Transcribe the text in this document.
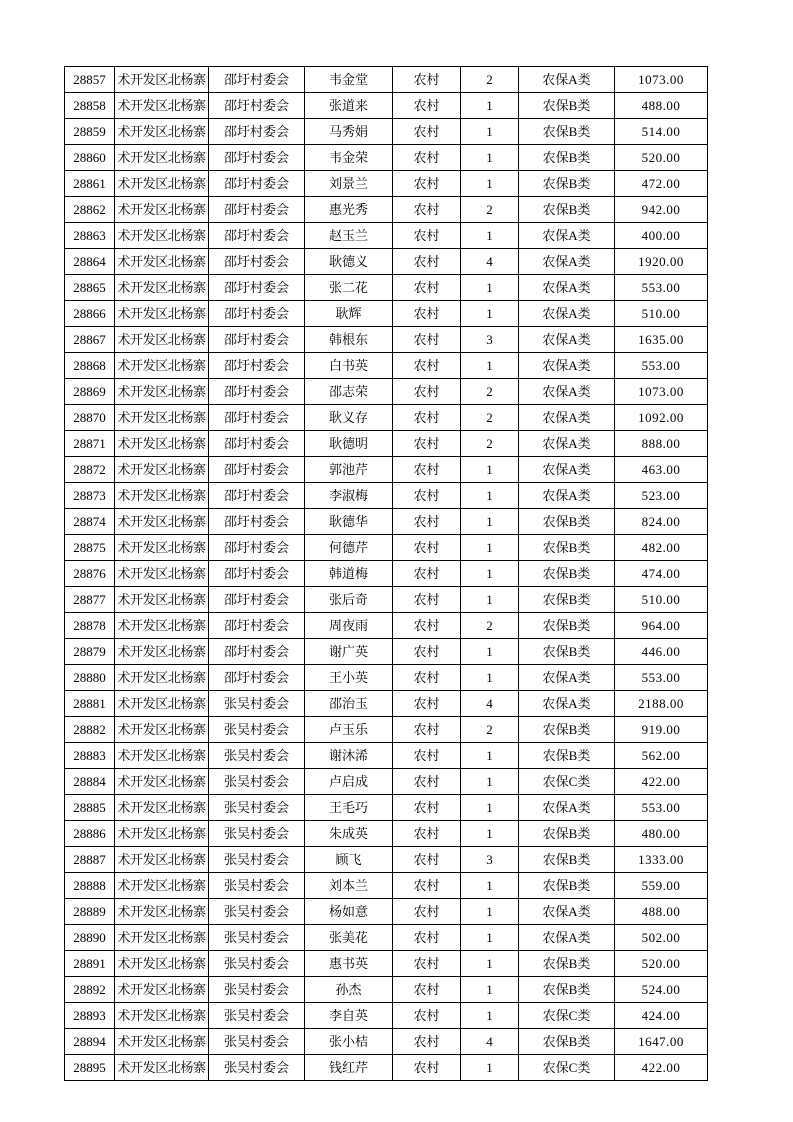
28857	术开发区北杨寨	邵圩村委会	韦金堂	农村	2	农保A类	1073.00
28858	术开发区北杨寨	邵圩村委会	张道来	农村	1	农保B类	488.00
28859	术开发区北杨寨	邵圩村委会	马秀娟	农村	1	农保B类	514.00
28860	术开发区北杨寨	邵圩村委会	韦金荣	农村	1	农保B类	520.00
28861	术开发区北杨寨	邵圩村委会	刘景兰	农村	1	农保B类	472.00
28862	术开发区北杨寨	邵圩村委会	惠光秀	农村	2	农保B类	942.00
28863	术开发区北杨寨	邵圩村委会	赵玉兰	农村	1	农保A类	400.00
28864	术开发区北杨寨	邵圩村委会	耿德义	农村	4	农保A类	1920.00
28865	术开发区北杨寨	邵圩村委会	张二花	农村	1	农保A类	553.00
28866	术开发区北杨寨	邵圩村委会	耿辉	农村	1	农保A类	510.00
28867	术开发区北杨寨	邵圩村委会	韩根东	农村	3	农保A类	1635.00
28868	术开发区北杨寨	邵圩村委会	白书英	农村	1	农保A类	553.00
28869	术开发区北杨寨	邵圩村委会	邵志荣	农村	2	农保A类	1073.00
28870	术开发区北杨寨	邵圩村委会	耿义存	农村	2	农保A类	1092.00
28871	术开发区北杨寨	邵圩村委会	耿德明	农村	2	农保A类	888.00
28872	术开发区北杨寨	邵圩村委会	郭池芹	农村	1	农保A类	463.00
28873	术开发区北杨寨	邵圩村委会	李淑梅	农村	1	农保A类	523.00
28874	术开发区北杨寨	邵圩村委会	耿德华	农村	1	农保B类	824.00
28875	术开发区北杨寨	邵圩村委会	何德芹	农村	1	农保B类	482.00
28876	术开发区北杨寨	邵圩村委会	韩道梅	农村	1	农保B类	474.00
28877	术开发区北杨寨	邵圩村委会	张后奇	农村	1	农保B类	510.00
28878	术开发区北杨寨	邵圩村委会	周夜雨	农村	2	农保B类	964.00
28879	术开发区北杨寨	邵圩村委会	谢广英	农村	1	农保B类	446.00
28880	术开发区北杨寨	邵圩村委会	王小英	农村	1	农保A类	553.00
28881	术开发区北杨寨	张吴村委会	邵治玉	农村	4	农保A类	2188.00
28882	术开发区北杨寨	张吴村委会	卢玉乐	农村	2	农保B类	919.00
28883	术开发区北杨寨	张吴村委会	谢沐浠	农村	1	农保B类	562.00
28884	术开发区北杨寨	张吴村委会	卢启成	农村	1	农保C类	422.00
28885	术开发区北杨寨	张吴村委会	王毛巧	农村	1	农保A类	553.00
28886	术开发区北杨寨	张吴村委会	朱成英	农村	1	农保B类	480.00
28887	术开发区北杨寨	张吴村委会	顾飞	农村	3	农保B类	1333.00
28888	术开发区北杨寨	张吴村委会	刘本兰	农村	1	农保B类	559.00
28889	术开发区北杨寨	张吴村委会	杨如意	农村	1	农保A类	488.00
28890	术开发区北杨寨	张吴村委会	张美花	农村	1	农保A类	502.00
28891	术开发区北杨寨	张吴村委会	惠书英	农村	1	农保B类	520.00
28892	术开发区北杨寨	张吴村委会	孙杰	农村	1	农保B类	524.00
28893	术开发区北杨寨	张吴村委会	李自英	农村	1	农保C类	424.00
28894	术开发区北杨寨	张吴村委会	张小桔	农村	4	农保B类	1647.00
28895	术开发区北杨寨	张吴村委会	钱红芹	农村	1	农保C类	422.00
